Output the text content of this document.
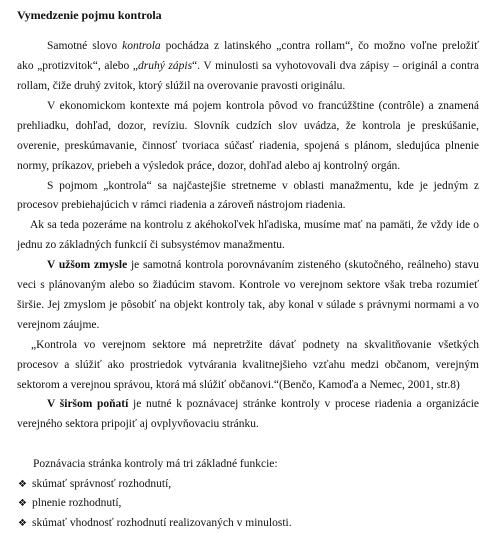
Vymedzenie pojmu kontrola
Samotné slovo kontrola pochádza z latinského „contra rollam“, čo možno voľne preložiť
ako „protizvitok“, alebo „druhý zápis“. V minulosti sa vyhotovovali dva zápisy – originál a contra
rollam, čiže druhý zvitok, ktorý slúžil na overovanie pravosti originálu.
V ekonomickom kontexte má pojem kontrola pôvod vo francúžštine (contrôle) a znamená
prehliadku, dohľad, dozor, revíziu. Slovník cudzích slov uvádza, že kontrola je preskúšanie,
overenie, preskúmavanie, činnosť tvoriaca súčasť riadenia, spojená s plánom, sledujúca plnenie
normy, príkazov, priebeh a výsledok práce, dozor, dohľad alebo aj kontrolný orgán.
S pojmom „kontrola“ sa najčastejšie stretneme v oblasti manažmentu, kde je jedným z
procesov prebiehajúcich v rámci riadenia a zároveň nástrojom riadenia.
Ak sa teda pozeráme na kontrolu z akéhokoľvek hľadiska, musíme mať na pamäti, že vždy ide o
jednu zo základných funkcií či subsystémov manažmentu.
V užšom zmysle je samotná kontrola porovnávaním zisteného (skutočného, reálneho) stavu
veci s plánovaným alebo so žiadúcim stavom. Kontrole vo verejnom sektore však treba rozumieť
širšie. Jej zmyslom je pôsobiť na objekt kontroly tak, aby konal v súlade s právnymi normami a vo
verejnom záujme.
„Kontrola vo verejnom sektore má nepretržite dávať podnety na skvalitňovanie všetkých
procesov a slúžiť ako prostriedok vytvárania kvalitnejšieho vzťahu medzi občanom, verejným
sektorom a verejnou správou, ktorá má slúžiť občanovi.“(Benčo, Kamoďa a Nemec, 2001, str.8)
V širšom poňatí je nutné k poznávacej stránke kontroly v procese riadenia a organizácie
verejného sektora pripojiť aj ovplyvňovaciu stránku.
Poznávacia stránka kontroly má tri základné funkcie:
❖ skúmať správnosť rozhodnutí,
❖ plnenie rozhodnutí,
❖ skúmať vhodnosť rozhodnutí realizovaných v minulosti.
